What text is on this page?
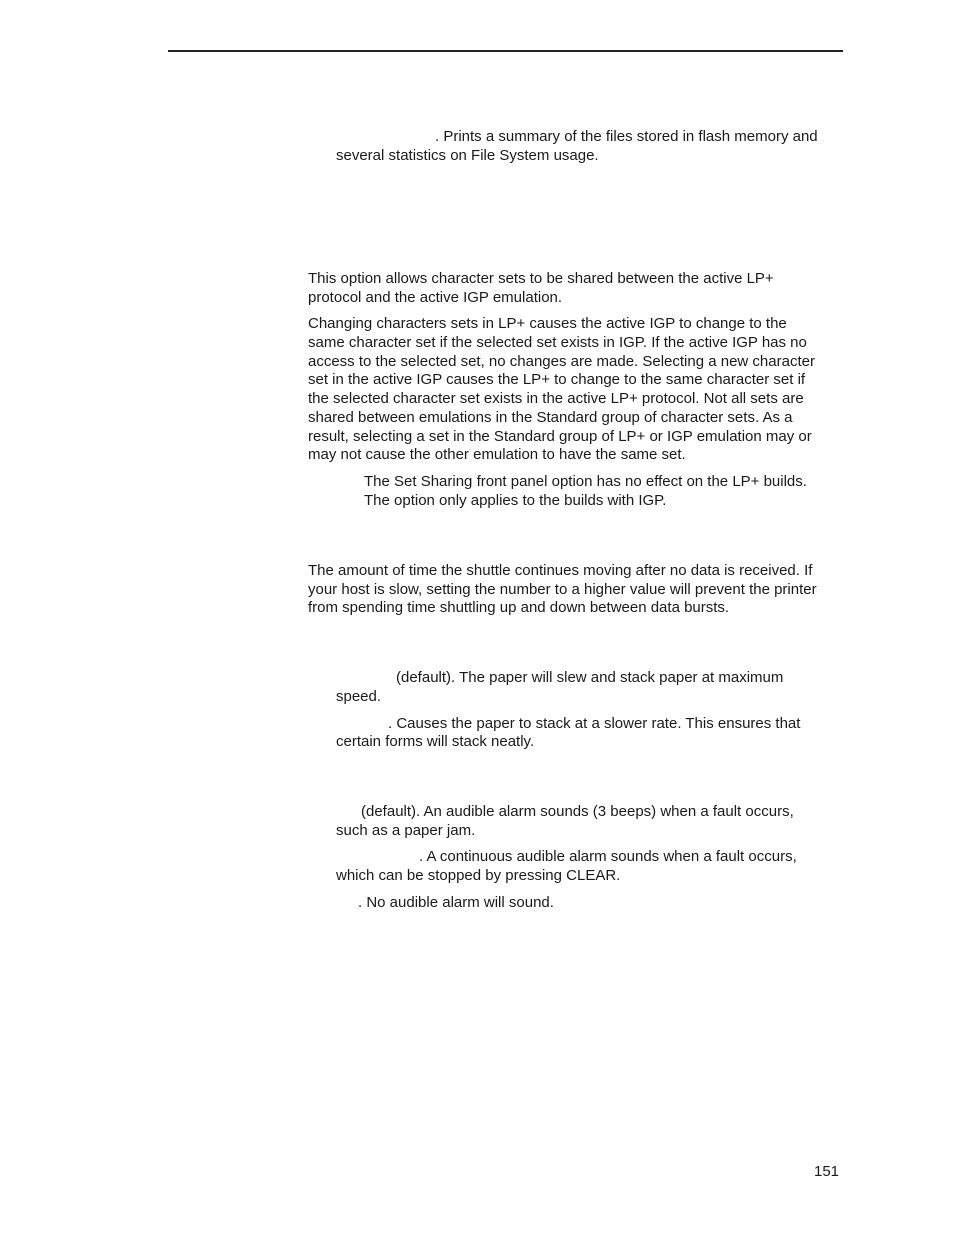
. Prints a summary of the files stored in flash memory and

several statistics on File System usage.

This option allows character sets to be shared between the active LP+

protocol and the active IGP emulation.

Changing characters sets in LP+ causes the active IGP to change to the

same character set if the selected set exists in IGP. If the active IGP has no

access to the selected set, no changes are made. Selecting a new character

set in the active IGP causes the LP+ to change to the same character set if

the selected character set exists in the active LP+ protocol. Not all sets are

shared between emulations in the Standard group of character sets. As a

result, selecting a set in the Standard group of LP+ or IGP emulation may or

may not cause the other emulation to have the same set.

The Set Sharing front panel option has no effect on the LP+ builds.

The option only applies to the builds with IGP.

The amount of time the shuttle continues moving after no data is received. If

your host is slow, setting the number to a higher value will prevent the printer

from spending time shuttling up and down between data bursts.

(default). The paper will slew and stack paper at maximum

speed.

. Causes the paper to stack at a slower rate. This ensures that

certain forms will stack neatly.

(default). An audible alarm sounds (3 beeps) when a fault occurs,

such as a paper jam.

. A continuous audible alarm sounds when a fault occurs,

which can be stopped by pressing CLEAR.

. No audible alarm will sound.

151
